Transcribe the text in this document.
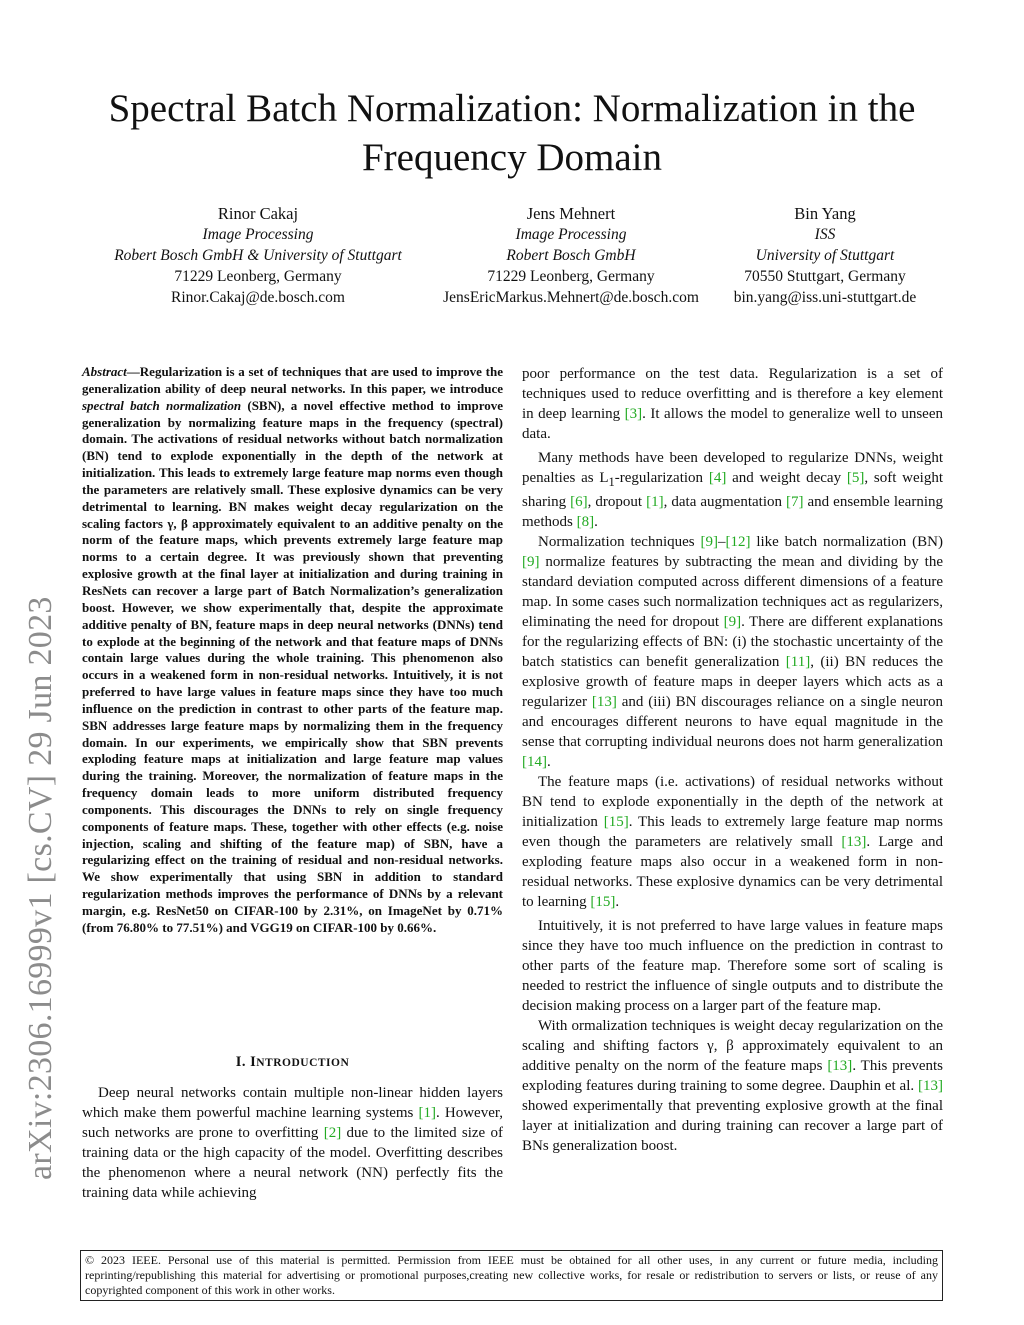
Spectral Batch Normalization: Normalization in the Frequency Domain
Rinor Cakaj
Image Processing
Robert Bosch GmbH & University of Stuttgart
71229 Leonberg, Germany
Rinor.Cakaj@de.bosch.com
Jens Mehnert
Image Processing
Robert Bosch GmbH
71229 Leonberg, Germany
JensEricMarkus.Mehnert@de.bosch.com
Bin Yang
ISS
University of Stuttgart
70550 Stuttgart, Germany
bin.yang@iss.uni-stuttgart.de
arXiv:2306.16999v1 [cs.CV] 29 Jun 2023

Abstract—Regularization is a set of techniques that are used to improve the generalization ability of deep neural networks. In this paper, we introduce spectral batch normalization (SBN), a novel effective method to improve generalization by normalizing feature maps in the frequency (spectral) domain. The activations of residual networks without batch normalization (BN) tend to explode exponentially in the depth of the network at initialization. This leads to extremely large feature map norms even though the parameters are relatively small. These explosive dynamics can be very detrimental to learning. BN makes weight decay regularization on the scaling factors γ, β approximately equivalent to an additive penalty on the norm of the feature maps, which prevents extremely large feature map norms to a certain degree. It was previously shown that preventing explosive growth at the final layer at initialization and during training in ResNets can recover a large part of Batch Normalization’s generalization boost. However, we show experimentally that, despite the approximate additive penalty of BN, feature maps in deep neural networks (DNNs) tend to explode at the beginning of the network and that feature maps of DNNs contain large values during the whole training. This phenomenon also occurs in a weakened form in non-residual networks. Intuitively, it is not preferred to have large values in feature maps since they have too much influence on the prediction in contrast to other parts of the feature map. SBN addresses large feature maps by normalizing them in the frequency domain. In our experiments, we empirically show that SBN prevents exploding feature maps at initialization and large feature map values during the training. Moreover, the normalization of feature maps in the frequency domain leads to more uniform distributed frequency components. This discourages the DNNs to rely on single frequency components of feature maps. These, together with other effects (e.g. noise injection, scaling and shifting of the feature map) of SBN, have a regularizing effect on the training of residual and non-residual networks. We show experimentally that using SBN in addition to standard regularization methods improves the performance of DNNs by a relevant margin, e.g. ResNet50 on CIFAR-100 by 2.31%, on ImageNet by 0.71% (from 76.80% to 77.51%) and VGG19 on CIFAR-100 by 0.66%.

I. INTRODUCTION

Deep neural networks contain multiple non-linear hidden layers which make them powerful machine learning systems [1]. However, such networks are prone to overfitting [2] due to the limited size of training data or the high capacity of the model. Overfitting describes the phenomenon where a neural network (NN) perfectly fits the training data while achieving

poor performance on the test data. Regularization is a set of techniques used to reduce overfitting and is therefore a key element in deep learning [3]. It allows the model to generalize well to unseen data.

Many methods have been developed to regularize DNNs, weight penalties as $L_1$-regularization [4] and weight decay [5], soft weight sharing [6], dropout [1], data augmentation [7] and ensemble learning methods [8].

Normalization techniques [9]–[12] like batch normalization (BN) [9] normalize features by subtracting the mean and dividing by the standard deviation computed across different dimensions of a feature map. In some cases such normalization techniques act as regularizers, eliminating the need for dropout [9]. There are different explanations for the regularizing effects of BN: (i) the stochastic uncertainty of the batch statistics can benefit generalization [11], (ii) BN reduces the explosive growth of feature maps in deeper layers which acts as a regularizer [13] and (iii) BN discourages reliance on a single neuron and encourages different neurons to have equal magnitude in the sense that corrupting individual neurons does not harm generalization [14].

The feature maps (i.e. activations) of residual networks without BN tend to explode exponentially in the depth of the network at initialization [15]. This leads to extremely large feature map norms even though the parameters are relatively small [13]. Large and exploding feature maps also occur in a weakened form in non-residual networks. These explosive dynamics can be very detrimental to learning [15].

Intuitively, it is not preferred to have large values in feature maps since they have too much influence on the prediction in contrast to other parts of the feature map. Therefore some sort of scaling is needed to restrict the influence of single outputs and to distribute the decision making process on a larger part of the feature map.

With ormalization techniques is weight decay regularization on the scaling and shifting factors γ, β approximately equivalent to an additive penalty on the norm of the feature maps [13]. This prevents exploding features during training to some degree. Dauphin et al. [13] showed experimentally that preventing explosive growth at the final layer at initialization and during training can recover a large part of BNs generalization boost.

© 2023 IEEE. Personal use of this material is permitted. Permission from IEEE must be obtained for all other uses, in any current or future media, including reprinting/republishing this material for advertising or promotional purposes,creating new collective works, for resale or redistribution to servers or lists, or reuse of any copyrighted component of this work in other works.
